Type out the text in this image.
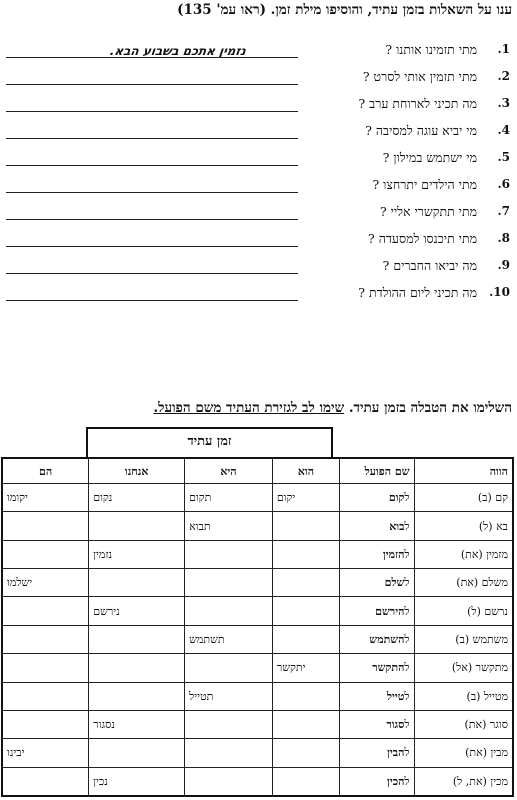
ענו על השאלות בזמן עתיד, והוסיפו מילת זמן. (ראו עמ' 135)
נזמין אתכם בשבוע הבא.	1.
מתי תזמינו אותנו ?
2.
מתי תזמין אותי לסרט ?
3.
מה תכיני לארוחת ערב ?
4.
מי יביא עוגה למסיבה ?
5.
מי ישתמש במילון ?
6.
מתי הילדים יתרחצו ?
7.
מתי תתקשרי אליי ?
8.
מתי תיכנסו למסעדה ?
9.
מה יביאו החברים ?
10.
מה תכיני ליום ההולדת ?
השלימו את הטבלה בזמן עתיד. שימו לב לגזירת העתיד משם הפועל.
זמן עתיד
הווה	שם הפועל	הוא	היא	אנחנו	הם
קם (ב)	לקום	יקום	תקום	נקום	יקומו
בא (ל)	לבוא		תבוא		
מזמין (את)	להזמין			נזמין	
משלם (את)	לשלם				ישלמו
נרשם (ל)	להירשם			נירשם	
משתמש (ב)	להשתמש		תשתמש		
מתקשר (אל)	להתקשר	יתקשר			
מטייל (ב)	לטייל		תטייל		
סוגר (את)	לסגור			נסגור	
מבין (את)	להבין				יבינו
מכין (את, ל)	להכין			נכין	
